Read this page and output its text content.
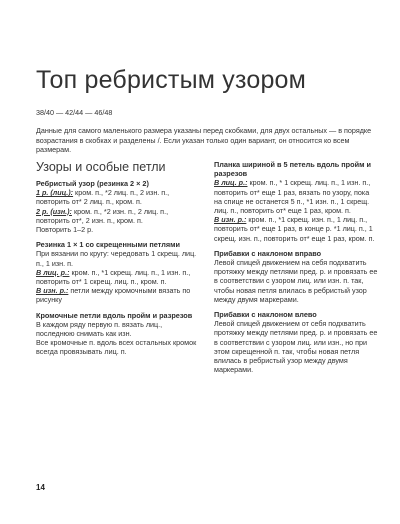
Топ ребристым узором
38/40 — 42/44 — 46/48
Данные для самого маленького размера указаны перед скобками, для двух остальных — в порядке возрастания в скобках и разделены /. Если указан только один вариант, он относится ко всем размерам.
Узоры и особые петли
Ребристый узор (резинка 2 × 2)
1 р. (лиц.): кром. п., *2 лиц. п., 2 изн. п., повторить от* 2 лиц. п., кром. п.
2 р. (изн.): кром. п., *2 изн. п., 2 лиц. п., повторить от*, 2 изн. п., кром. п.
Повторить 1–2 р.
Резинка 1 × 1 со скрещенными петлями
При вязании по кругу: чередовать 1 скрещ. лиц. п., 1 изн. п.
В лиц. р.: кром. п., *1 скрещ. лиц. п., 1 изн. п., повторить от* 1 скрещ. лиц. п., кром. п.
В изн. р.: петли между кромочными вязать по рисунку
Кромочные петли вдоль пройм и разрезов
В каждом ряду первую п. вязать лиц., последнюю снимать как изн.
Все кромочные п. вдоль всех остальных кромок всегда провязывать лиц. п.
Планка шириной в 5 петель вдоль пройм и разрезов
В лиц. р.: кром. п., * 1 скрещ. лиц. п., 1 изн. п., повторить от* еще 1 раз, вязать по узору, пока на спице не останется 5 п., *1 изн. п., 1 скрещ. лиц. п., повторить от* еще 1 раз, кром. п.
В изн. р.: кром. п., *1 скрещ. изн. п., 1 лиц. п., повторить от* еще 1 раз, в конце р. *1 лиц. п., 1 скрещ. изн. п., повторить от* еще 1 раз, кром. п.
Прибавки с наклоном вправо
Левой спицей движением на себя подхватить протяжку между петлями пред. р. и провязать ее в соответствии с узором лиц. или изн. п. так, чтобы новая петля влилась в ребристый узор между двумя маркерами.
Прибавки с наклоном влево
Левой спицей движением от себя подхватить протяжку между петлями пред. р. и провязать ее в соответствии с узором лиц. или изн., но при этом скрещенной п. так, чтобы новая петля влилась в ребристый узор между двумя маркерами.
14
